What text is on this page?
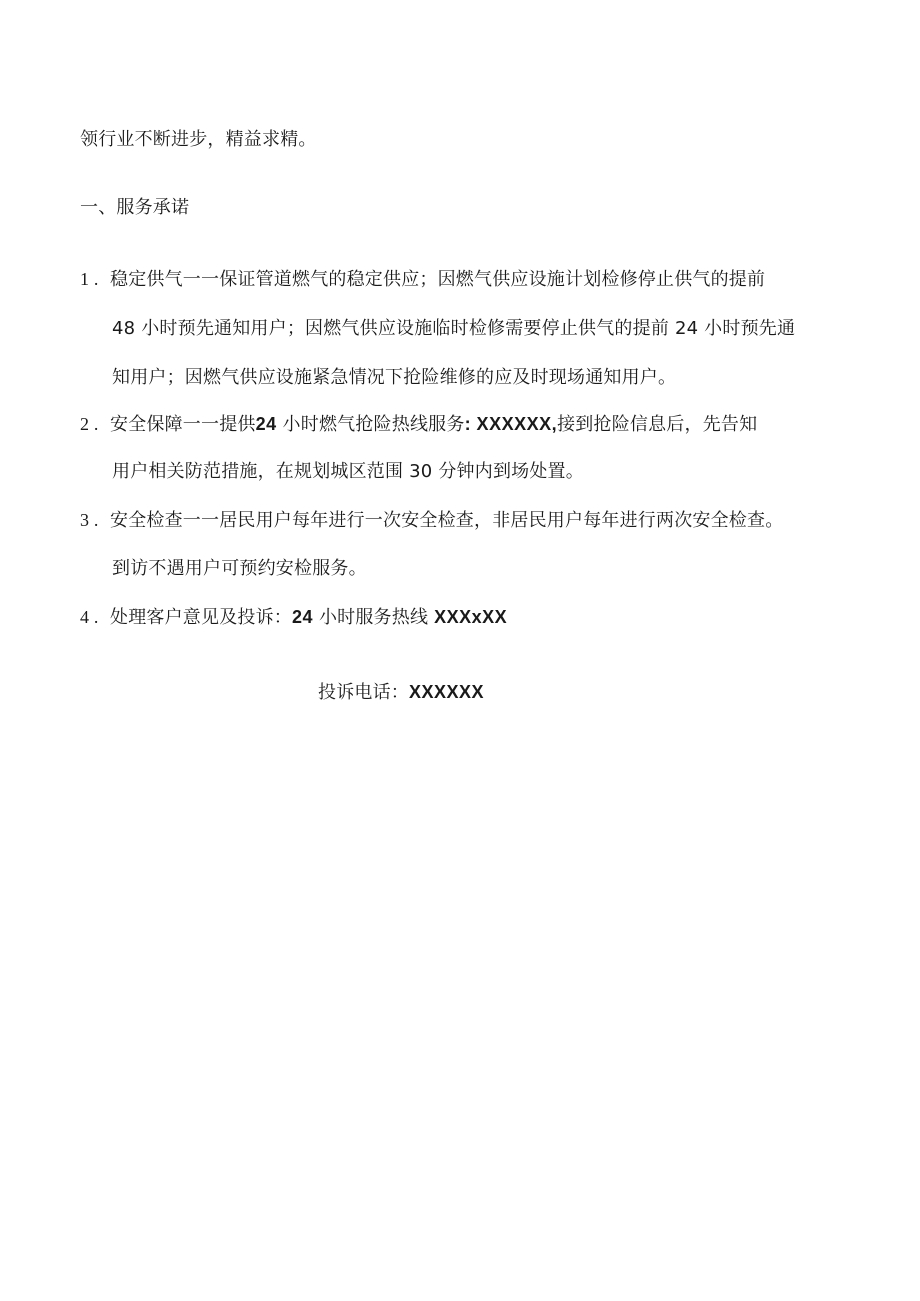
领行业不断进步，精益求精。
一、服务承诺
1 . 稳定供气一一保证管道燃气的稳定供应；因燃气供应设施计划检修停止供气的提前
48 小时预先通知用户；因燃气供应设施临时检修需要停止供气的提前 24 小时预先通
知用户；因燃气供应设施紧急情况下抢险维修的应及时现场通知用户。
2 . 安全保障一一提供24 小时燃气抢险热线服务: XXXXXX,接到抢险信息后，先告知
用户相关防范措施，在规划城区范围 30 分钟内到场处置。
3 . 安全检查一一居民用户每年进行一次安全检查，非居民用户每年进行两次安全检查。
到访不遇用户可预约安检服务。
4 . 处理客户意见及投诉：24 小时服务热线 XXXxXX
投诉电话：XXXXXX
